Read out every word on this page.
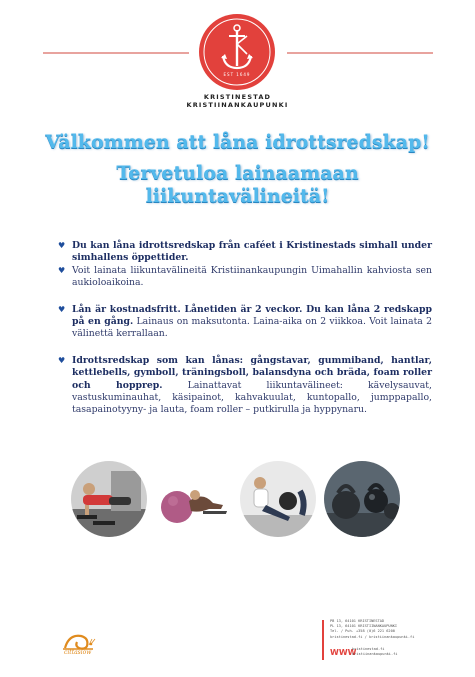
EST 1649
KRISTINESTAD
KRISTIINANKAUPUNKI
Välkommen att låna idrottsredskap!
Tervetuloa lainaamaan
liikuntavälineitä!
♥ Du kan låna idrottsredskap från caféet i Kristinestads simhall under simhallens öppettider.
♥ Voit lainata liikuntavälineitä Kristiinankaupungin Uimahallin kahviosta sen aukioloaikoina.
♥ Lån är kostnadsfritt. Lånetiden är 2 veckor. Du kan låna 2 redskapp på en gång. Lainaus on maksutonta. Laina-aika on 2 viikkoa. Voit lainata 2 välinettä kerrallaan.
♥ Idrottsredskap som kan lånas: gångstavar, gummiband, hantlar, kettlebells, gymboll, träningsboll, balansdyna och bräda, foam roller och hopprep. Lainattavat liikuntavälineet: kävelysauvat, vastuskuminauhat, käsipainot, kahvakuulat, kuntopallo, jumppapallo, tasapainotyyny- ja lauta, foam roller – putkirulla ja hyppynaru.
cittaslow
PB 13, 64101 KRISTINESTAD
PL 13, 64101 KRISTIINANKAUPUNKI
Tel. / Puh. +358 (0)6 221 6200
kristinestad.fi / kristiinankaupunki.fi
WWW
kristinestad.fi
kristiinankaupunki.fi
